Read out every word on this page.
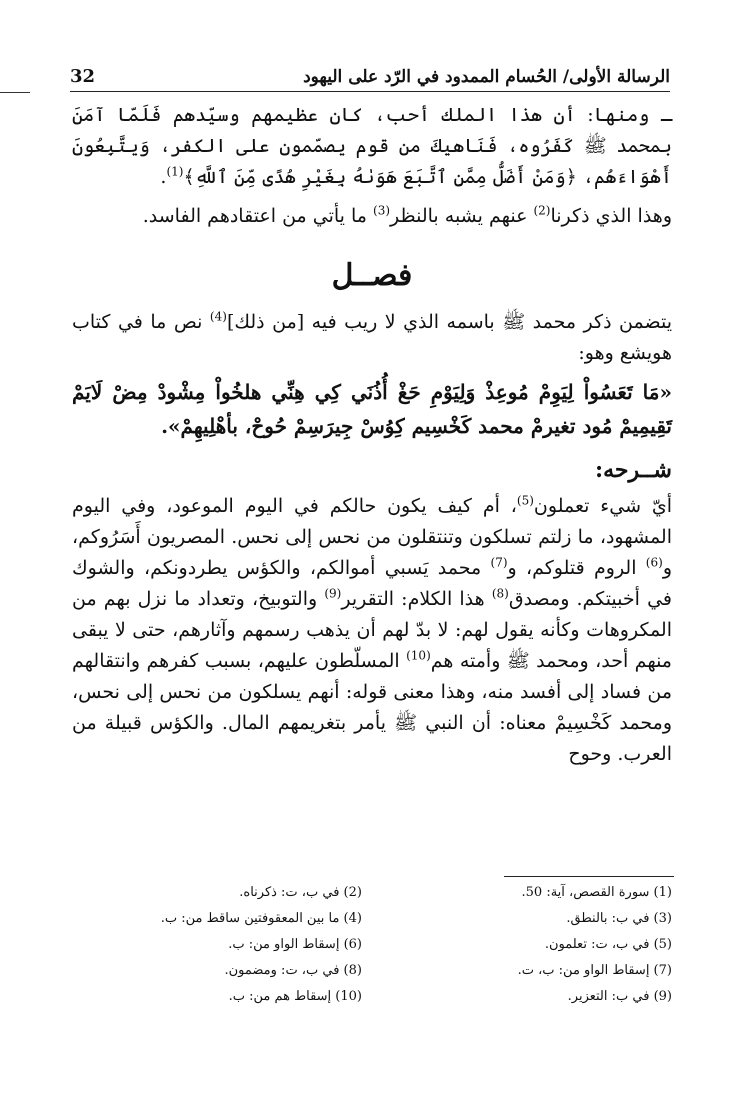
الرسالة الأولى/ الحُسام الممدود في الرّد على اليهود
32

ـ ومنها: أن هذا الملك أحب، كان عظيمهم وسيّدهم فَلَمّا آمَنَ بمحمد ﷺ كَفَرُوه، فَنَاهيكَ من قوم يصمّمون على الكفر، وَيتَّبِعُونَ أَهْوَاءَهُم، ﴿وَمَنْ أَضَلُّ مِمَّنِ ٱتَّبَعَ هَوَىٰهُ بِغَيْرِ هُدًى مِّنَ ٱللَّهِ﴾$^{(1)}$.

وهذا الذي ذكرنا$^{(2)}$ عنهم يشبه بالنظر$^{(3)}$ ما يأتي من اعتقادهم الفاسد.

فصــل

يتضمن ذكر محمد ﷺ باسمه الذي لا ريب فيه [من ذلك]$^{(4)}$ نص ما في كتاب هويشع وهو:

«مَا تَعَسُواْ لِيَوِمْ مُوعِذْ وَلِيَوْمِ حَغْ أُذُنَي كِي هِنِّي هلخُواْ مِشْودْ مِضْ لَايَمْ تَقِيمِيمْ مُود تغيرمْ محمد كَخْسِيم كِوُسْ جِيرَسِمْ حُوحْ، بأهْلِيهِمْ».

شــرحه:

أيّ شيء تعملون$^{(5)}$، أم كيف يكون حالكم في اليوم الموعود، وفي اليوم المشهود، ما زلتم تسلكون وتنتقلون من نحس إلى نحس. المصريون أَسَرُوكم، و$^{(6)}$ الروم قتلوكم، و$^{(7)}$ محمد يَسبي أموالكم، والكؤس يطردونكم، والشوك في أخبيتكم. ومصدق$^{(8)}$ هذا الكلام: التقرير$^{(9)}$ والتوبيخ، وتعداد ما نزل بهم من المكروهات وكأنه يقول لهم: لا بدّ لهم أن يذهب رسمهم وآثارهم، حتى لا يبقى منهم أحد، ومحمد ﷺ وأمته هم$^{(10)}$ المسلّطون عليهم، بسبب كفرهم وانتقالهم من فساد إلى أفسد منه، وهذا معنى قوله: أنهم يسلكون من نحس إلى نحس، ومحمد كَخْسِيمْ معناه: أن النبي ﷺ يأمر بتغريمهم المال. والكؤس قبيلة من العرب. وحوح

(1) سورة القصص، آية: 50.
(2) في ب، ت: ذكرناه.
(3) في ب: بالنطق.
(4) ما بين المعقوفتين ساقط من: ب.
(5) في ب، ت: تعلمون.
(6) إسقاط الواو من: ب.
(7) إسقاط الواو من: ب، ت.
(8) في ب، ت: ومضمون.
(9) في ب: التعزير.
(10) إسقاط هم من: ب.
